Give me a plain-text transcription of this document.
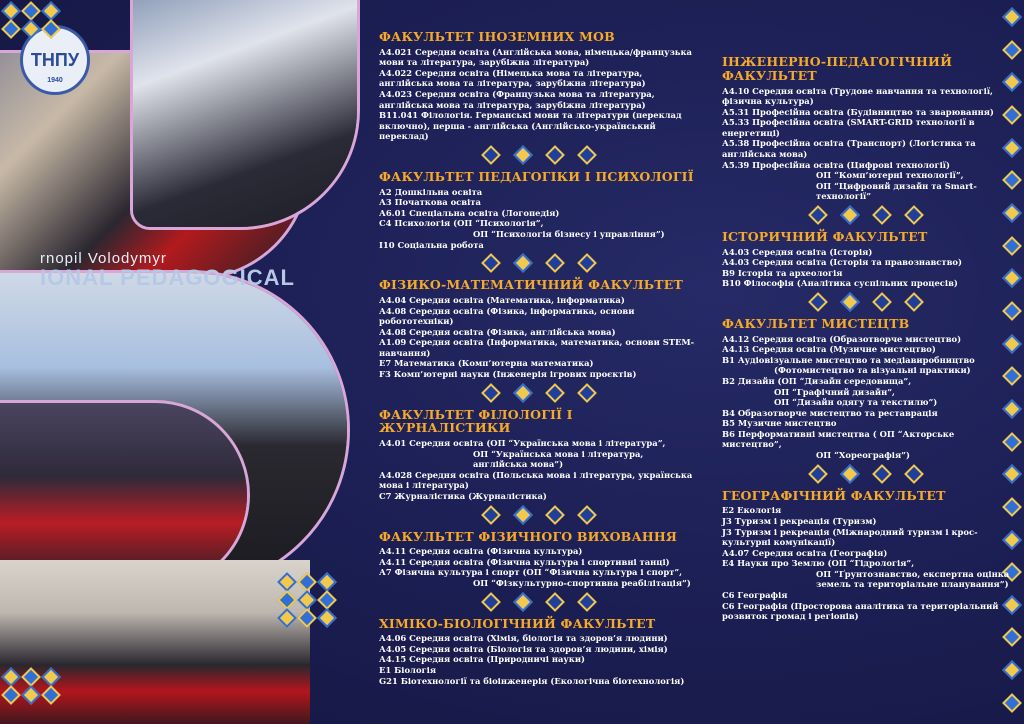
rnopil Volodymyr
IONAL PEDAGOGICAL
ТНПУ
1940
ФАКУЛЬТЕТ ІНОЗЕМНИХ МОВ
А4.021 Середня освіта (Англійська мова, німецька/французька мови та література, зарубіжна література)
А4.022 Середня освіта (Німецька мова та література, англійська мова та література, зарубіжна література)
А4.023 Середня освіта (Французька мова та література, англійська мова та література, зарубіжна література)
В11.041 Філологія. Германські мови та літератури (переклад включно), перша - англійська (Англійсько-український переклад)
ФАКУЛЬТЕТ ПЕДАГОГІКИ І ПСИХОЛОГІЇ
А2 Дошкільна освіта
А3 Початкова освіта
А6.01 Спеціальна освіта (Логопедія)
С4 Психологія (ОП “Психологія”,
ОП “Психологія бізнесу і управління”)
І10 Соціальна робота
ФІЗИКО-МАТЕМАТИЧНИЙ ФАКУЛЬТЕТ
А4.04 Середня освіта (Математика, інформатика)
А4.08 Середня освіта (Фізика, інформатика, основи робототехніки)
А4.08 Середня освіта (Фізика, англійська мова)
А1.09 Середня освіта (Інформатика, математика, основи STEM-навчання)
Е7 Математика (Комп’ютерна математика)
F3 Комп’ютерні науки (Інженерія ігрових проєктів)
ФАКУЛЬТЕТ ФІЛОЛОГІЇ І ЖУРНАЛІСТИКИ
А4.01 Середня освіта (ОП “Українська мова і література”,
ОП “Українська мова і література, англійська мова”)
А4.028 Середня освіта (Польська мова і література, українська мова і література)
С7 Журналістика (Журналістика)
ФАКУЛЬТЕТ ФІЗИЧНОГО ВИХОВАННЯ
А4.11 Середня освіта (Фізична культура)
А4.11 Середня освіта (Фізична культура і спортивні танці)
А7 Фізична культура і спорт (ОП “Фізична культура і спорт”,
ОП “Фізкультурно-спортивна реабілітація”)
ХІМІКО-БІОЛОГІЧНИЙ ФАКУЛЬТЕТ
А4.06 Середня освіта (Хімія, біологія та здоров’я людини)
А4.05 Середня освіта (Біологія та здоров’я людини, хімія)
А4.15 Середня освіта (Природничі науки)
Е1 Біологія
G21 Біотехнології та біоінженерія (Екологічна біотехнологія)
ІНЖЕНЕРНО-ПЕДАГОГІЧНИЙ ФАКУЛЬТЕТ
А4.10 Середня освіта (Трудове навчання та технології, фізична культура)
А5.31 Професійна освіта (Будівництво та зварювання)
А5.33 Професійна освіта (SMART-GRID технології в енергетиці)
А5.38 Професійна освіта (Транспорт) (Логістика та англійська мова)
А5.39 Професійна освіта (Цифрові технології)
ОП “Комп’ютерні технології”,
ОП “Цифровий дизайн та Smart-технології”
ІСТОРИЧНИЙ ФАКУЛЬТЕТ
А4.03 Середня освіта (Історія)
А4.03 Середня освіта (Історія та правознавство)
В9 Історія та археологія
В10 Філософія (Аналітика суспільних процесів)
ФАКУЛЬТЕТ МИСТЕЦТВ
А4.12 Середня освіта (Образотворче мистецтво)
А4.13 Середня освіта (Музичне мистецтво)
В1 Аудіовізуальне мистецтво та медіавиробництво
(Фотомистецтво та візуальні практики)
В2 Дизайн (ОП “Дизайн середовища”,
ОП “Графічний дизайн”,
ОП “Дизайн одягу та текстилю”)
В4 Образотворче мистецтво та реставрація
В5 Музичне мистецтво
В6 Перформативні мистецтва ( ОП “Акторське мистецтво”,
ОП “Хореографія”)
ГЕОГРАФІЧНИЙ ФАКУЛЬТЕТ
Е2 Екологія
J3 Туризм і рекреація (Туризм)
J3 Туризм і рекреація (Міжнародний туризм і крос-культурні комунікації)
А4.07 Середня освіта (Географія)
Е4 Науки про Землю (ОП “Гідрологія”,
ОП “Ґрунтознавство, експертна оцінка земель та територіальне планування”)
С6 Географія
С6 Географія (Просторова аналітика та територіальний розвиток громад і регіонів)
